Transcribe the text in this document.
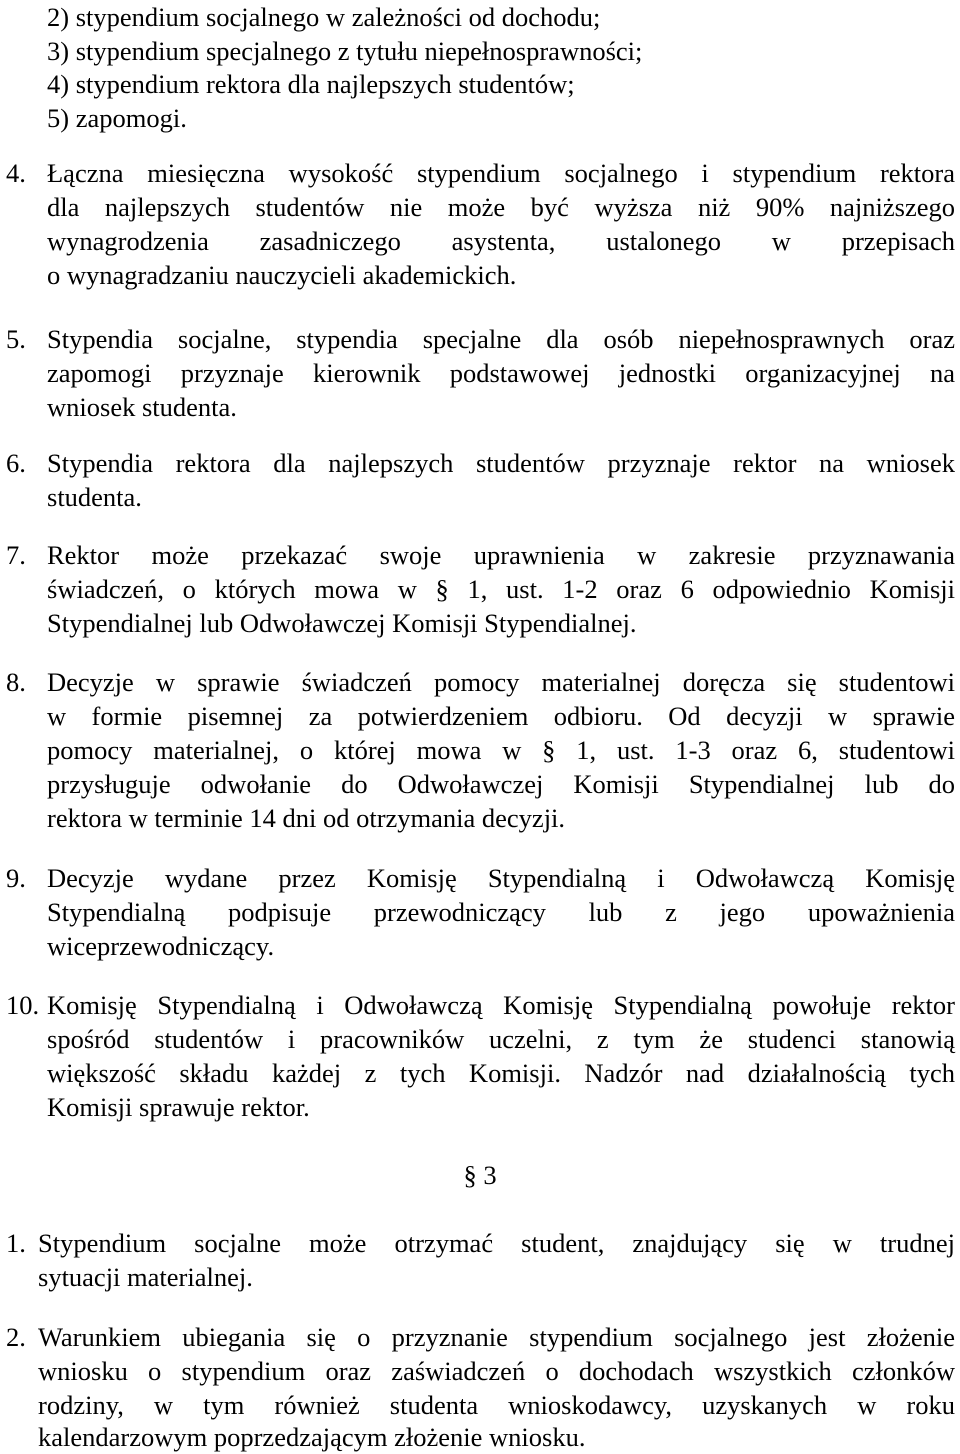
2) stypendium socjalnego w zależności od dochodu;
3) stypendium specjalnego z tytułu niepełnosprawności;
4) stypendium rektora dla najlepszych studentów;
5) zapomogi.
4. Łączna miesięczna wysokość stypendium socjalnego i stypendium rektora
dla najlepszych studentów nie może być wyższa niż 90% najniższego
wynagrodzenia zasadniczego asystenta, ustalonego w przepisach
o wynagradzaniu nauczycieli akademickich.
5. Stypendia socjalne, stypendia specjalne dla osób niepełnosprawnych oraz
zapomogi przyznaje kierownik podstawowej jednostki organizacyjnej na
wniosek studenta.
6. Stypendia rektora dla najlepszych studentów przyznaje rektor na wniosek
studenta.
7. Rektor może przekazać swoje uprawnienia w zakresie przyznawania
świadczeń, o których mowa w § 1, ust. 1-2 oraz 6 odpowiednio Komisji
Stypendialnej lub Odwoławczej Komisji Stypendialnej.
8. Decyzje w sprawie świadczeń pomocy materialnej doręcza się studentowi
w formie pisemnej za potwierdzeniem odbioru. Od decyzji w sprawie
pomocy materialnej, o której mowa w § 1, ust. 1-3 oraz 6, studentowi
przysługuje odwołanie do Odwoławczej Komisji Stypendialnej lub do
rektora w terminie 14 dni od otrzymania decyzji.
9. Decyzje wydane przez Komisję Stypendialną i Odwoławczą Komisję
Stypendialną podpisuje przewodniczący lub z jego upoważnienia
wiceprzewodniczący.
10. Komisję Stypendialną i Odwoławczą Komisję Stypendialną powołuje rektor
spośród studentów i pracowników uczelni, z tym że studenci stanowią
większość składu każdej z tych Komisji. Nadzór nad działalnością tych
Komisji sprawuje rektor.
§ 3
1. Stypendium socjalne może otrzymać student, znajdujący się w trudnej
sytuacji materialnej.
2. Warunkiem ubiegania się o przyznanie stypendium socjalnego jest złożenie
wniosku o stypendium oraz zaświadczeń o dochodach wszystkich członków
rodziny, w tym również studenta wnioskodawcy, uzyskanych w roku
kalendarzowym poprzedzającym złożenie wniosku.
